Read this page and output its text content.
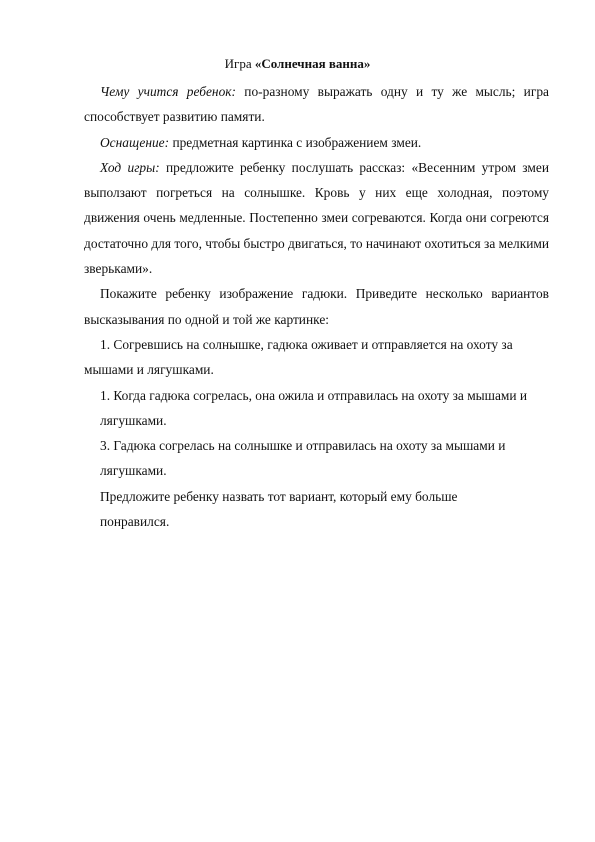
Игра «Солнечная ванна»

Чему учится ребенок: по-разному выражать одну и ту же мысль; игра способствует развитию памяти.

Оснащение: предметная картинка с изображением змеи.

Ход игры: предложите ребенку послушать рассказ: «Весенним утром змеи выползают погреться на солнышке. Кровь у них еще холодная, поэтому движения очень медленные. Постепенно змеи согреваются. Когда они согреются достаточно для того, чтобы быстро двигаться, то начинают охотиться за мелкими зверьками».

Покажите ребенку изображение гадюки. Приведите несколько вариантов высказывания по одной и той же картинке:

1. Согревшись на солнышке, гадюка оживает и отправляется на охоту за

мышами и лягушками.

1. Когда гадюка согрелась, она ожила и отправилась на охоту за мышами и

лягушками.

3. Гадюка согрелась на солнышке и отправилась на охоту за мышами и

лягушками.

Предложите ребенку назвать тот вариант, который ему больше

понравился.
